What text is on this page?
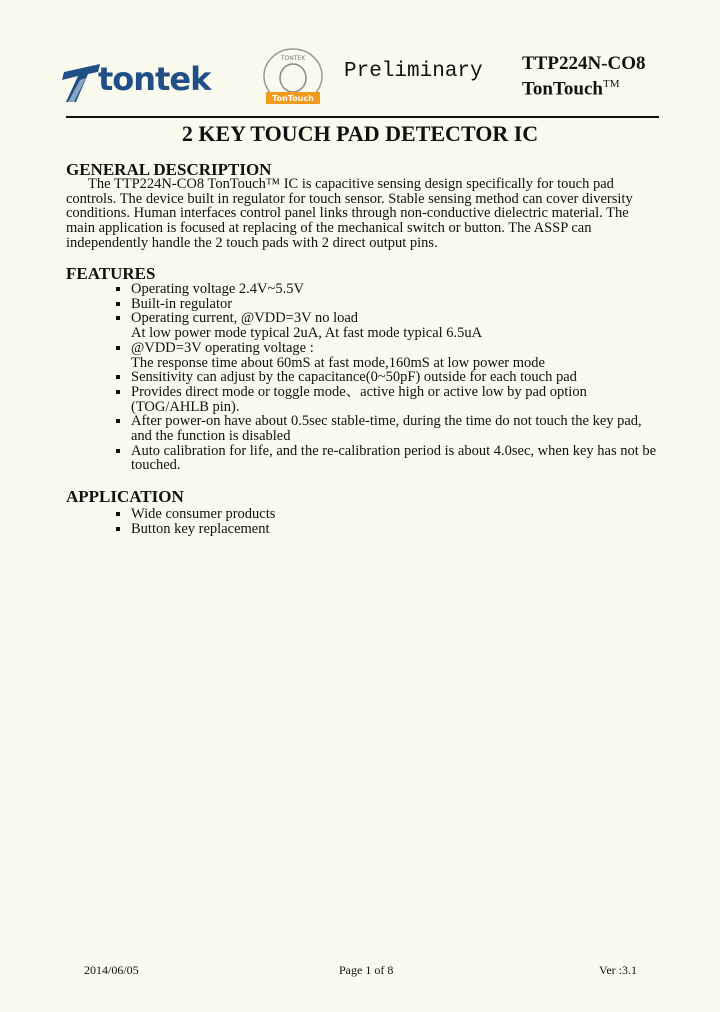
tontek
TONTEK
TonTouch
Preliminary TTP224N-CO8
TonTouch™
2 KEY TOUCH PAD DETECTOR IC
GENERAL DESCRIPTION
The TTP224N-CO8 TonTouch™ IC is capacitive sensing design specifically for touch pad
controls. The device built in regulator for touch sensor. Stable sensing method can cover diversity
conditions. Human interfaces control panel links through non-conductive dielectric material. The
main application is focused at replacing of the mechanical switch or button. The ASSP can
independently handle the 2 touch pads with 2 direct output pins.
FEATURES
Operating voltage 2.4V~5.5V
Built-in regulator
Operating current, @VDD=3V no load
At low power mode typical 2uA, At fast mode typical 6.5uA
@VDD=3V operating voltage :
The response time about 60mS at fast mode,160mS at low power mode
Sensitivity can adjust by the capacitance(0~50pF) outside for each touch pad
Provides direct mode or toggle mode、active high or active low by pad option
(TOG/AHLB pin).
After power-on have about 0.5sec stable-time, during the time do not touch the key pad,
and the function is disabled
Auto calibration for life, and the re-calibration period is about 4.0sec, when key has not be
touched.
APPLICATION
Wide consumer products
Button key replacement
2014/06/05	Page 1 of 8	Ver :3.1
